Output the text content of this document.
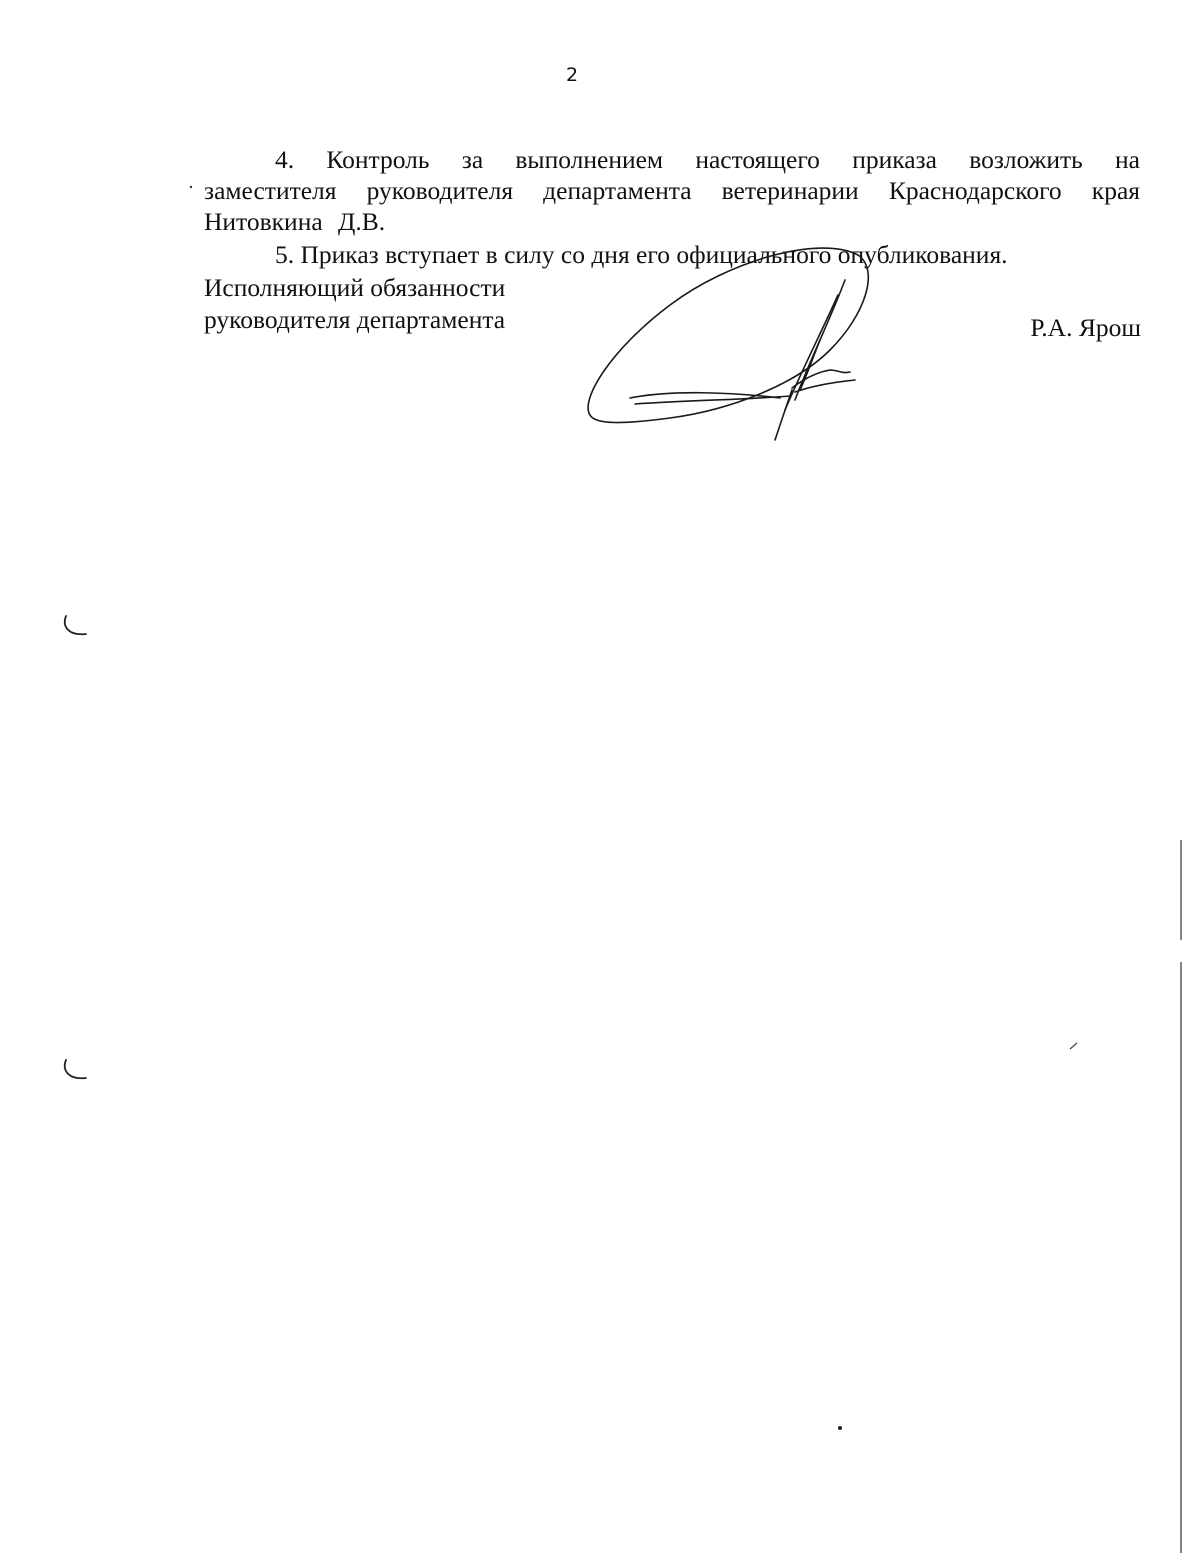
2

4. Контроль за выполнением настоящего приказа возложить на заместителя руководителя департамента ветеринарии Краснодарского края Нитовкина Д.В.

5. Приказ вступает в силу со дня его официального опубликования.

Исполняющий обязанности
руководителя департамента	Р.А. Ярош
